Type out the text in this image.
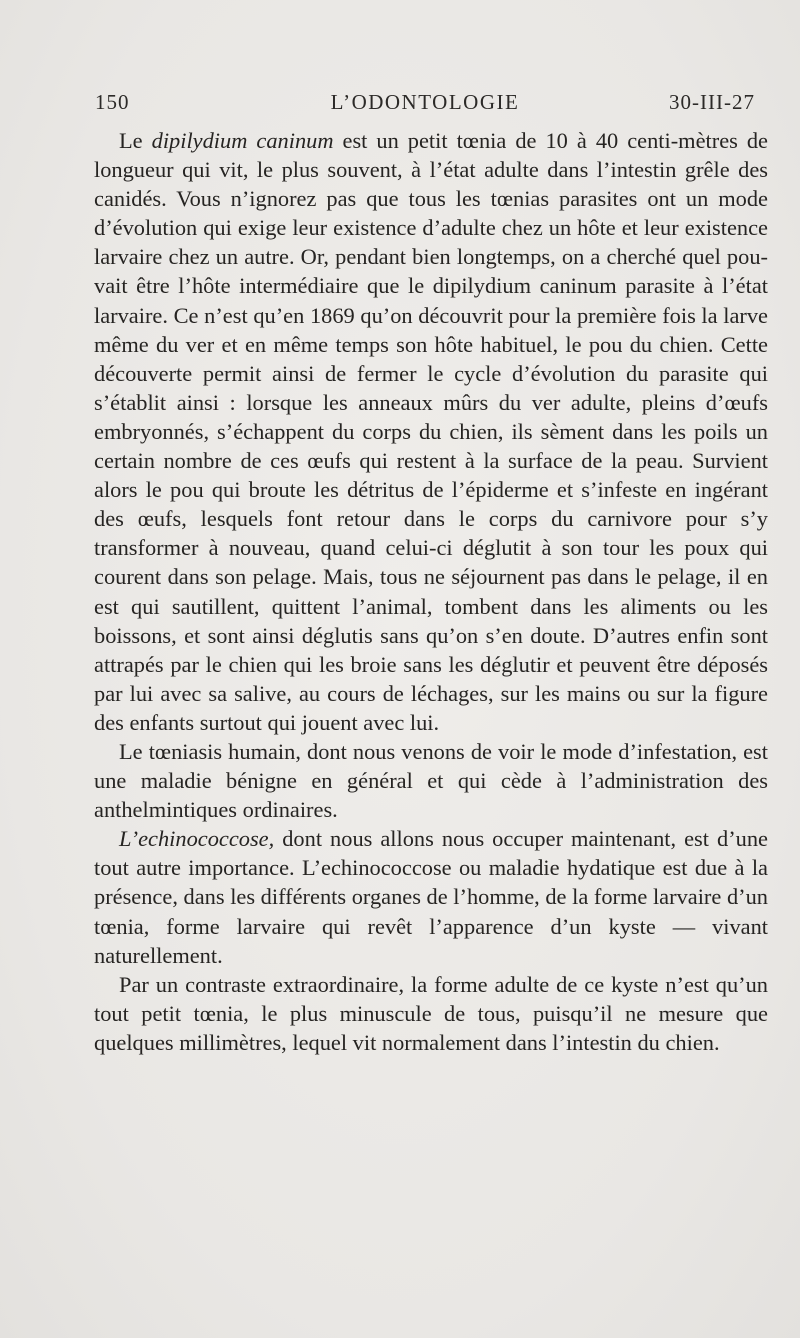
150	L’ODONTOLOGIE	30-III-27

Le dipilydium caninum est un petit tœnia de 10 à 40 centi-mètres de longueur qui vit, le plus souvent, à l’état adulte dans l’intestin grêle des canidés. Vous n’ignorez pas que tous les tœnias parasites ont un mode d’évolution qui exige leur existence d’adulte chez un hôte et leur existence larvaire chez un autre. Or, pendant bien longtemps, on a cherché quel pouvait être l’hôte intermédiaire que le dipilydium caninum parasite à l’état larvaire. Ce n’est qu’en 1869 qu’on découvrit pour la première fois la larve même du ver et en même temps son hôte habituel, le pou du chien. Cette découverte permit ainsi de fermer le cycle d’évolution du parasite qui s’établit ainsi : lorsque les anneaux mûrs du ver adulte, pleins d’œufs embryonnés, s’échappent du corps du chien, ils sèment dans les poils un certain nombre de ces œufs qui restent à la surface de la peau. Survient alors le pou qui broute les détritus de l’épiderme et s’infeste en ingérant des œufs, lesquels font retour dans le corps du carnivore pour s’y transformer à nouveau, quand celui-ci déglutit à son tour les poux qui courent dans son pelage. Mais, tous ne séjournent pas dans le pelage, il en est qui sautillent, quittent l’animal, tombent dans les aliments ou les boissons, et sont ainsi déglutis sans qu’on s’en doute. D’autres enfin sont attrapés par le chien qui les broie sans les déglutir et peuvent être déposés par lui avec sa salive, au cours de léchages, sur les mains ou sur la figure des enfants surtout qui jouent avec lui.

Le tœniasis humain, dont nous venons de voir le mode d’infestation, est une maladie bénigne en général et qui cède à l’administration des anthelmintiques ordinaires.

L’echinococcose, dont nous allons nous occuper maintenant, est d’une tout autre importance. L’echinococcose ou maladie hydatique est due à la présence, dans les différents organes de l’homme, de la forme larvaire d’un tœnia, forme larvaire qui revêt l’apparence d’un kyste — vivant naturellement.

Par un contraste extraordinaire, la forme adulte de ce kyste n’est qu’un tout petit tœnia, le plus minuscule de tous, puisqu’il ne mesure que quelques millimètres, lequel vit normalement dans l’intestin du chien.
